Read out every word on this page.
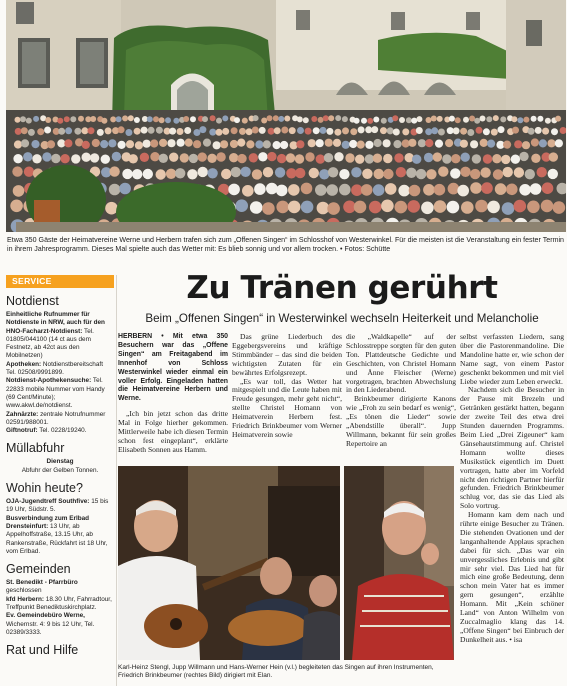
Etwa 350 Gäste der Heimatvereine Werne und Herbern trafen sich zum „Offenen Singen“ im Schlosshof von Westerwinkel. Für die meisten ist die Veranstaltung ein fester Termin in ihrem Jahresprogramm. Dieses Mal spielte auch das Wetter mit: Es blieb sonnig und vor allem trocken. • Fotos: Schütte
SERVICE
Notdienst
Einheitliche Rufnummer für Notdienste in NRW, auch für den HNO-Facharzt-Notdienst: Tel. 01805/044100 (14 ct aus dem Festnetz, ab 42ct aus den Mobilnetzen)
Apotheken: Notdienstbereitschaft Tel. 02508/9991899.
Notdienst-Apothekensuche: Tel. 22833 mobile Nummer vom Handy (69 Cent/Minute); www.akwl.de/notdienst.
Zahnärzte: zentrale Notrufnummer 02591/988001.
Giftnotruf: Tel. 0228/19240.
Müllabfuhr
Dienstag
Abfuhr der Gelben Tonnen.
Wohin heute?
OJA-Jugendtreff Southfive: 15 bis 19 Uhr, Südstr. 5.
Busverbindung zum Erlbad Drensteinfurt: 13 Uhr, ab Appelhoffstraße, 13.15 Uhr, ab Rankenstraße, Rückfahrt ist 18 Uhr, vom Erlbad.
Gemeinden
St. Benedikt - Pfarrbüro geschlossen
kfd Herbern: 18.30 Uhr, Fahrradtour, Treffpunkt Benediktuskirchplatz.
Ev. Gemeindebüro Werne, Wichernstr. 4: 9 bis 12 Uhr, Tel. 02389/3333.
Rat und Hilfe
Zu Tränen gerührt
Beim „Offenen Singen“ in Westerwinkel wechseln Heiterkeit und Melancholie

HERBERN • Mit etwa 350 Besuchern war das „Offene Singen“ am Freitagabend im Innenhof von Schloss Westerwinkel wieder einmal ein voller Erfolg. Eingeladen hatten die Heimatvereine Herbern und Werne.

„Ich bin jetzt schon das dritte Mal in Folge hierher gekommen. Mittlerweile habe ich diesen Termin schon fest eingeplant“, erklärte Elisabeth Sonnen aus Hamm.

Das grüne Liederbuch des Eggebergsvereins und kräftige Stimmbänder – das sind die beiden wichtigsten Zutaten für ein bewährtes Erfolgsrezept.

„Es war toll, das Wetter hat mitgespielt und die Leute haben mit Freude gesungen, mehr geht nicht“, stellte Christel Homann von Heimatverein Herbern fest. Friedrich Brinkbeumer vom Werner Heimatverein sowie

die „Waldkapelle“ auf der Schlosstreppe sorgten für den guten Ton. Plattdeutsche Gedichte und Geschichten, von Christel Homann und Änne Fleischer (Werne) vorgetragen, brachten Abwechslung in den Liederabend.

Brinkbeumer dirigierte Kanons wie „Froh zu sein bedarf es wenig“, „Es tönen die Lieder“ sowie „Abendstille überall“. Jupp Willmann, bekannt für sein großes Repertoire an

selbst verfassten Liedern, sang über die Pastorenmandoline. Die Mandoline hatte er, wie schon der Name sagt, von einem Pastor geschenkt bekommen und mit viel Liebe wieder zum Leben erweckt.

Nachdem sich die Besucher in der Pause mit Brezeln und Getränken gestärkt hatten, begann der zweite Teil des etwa drei Stunden dauernden Programms. Beim Lied „Drei Zigeuner“ kam Gänsehautstimmung auf. Christel Homann wollte dieses Musikstück eigentlich im Duett vortragen, hatte aber im Vorfeld nicht den richtigen Partner hierfür gefunden. Friedrich Brinkbeumer schlug vor, das sie das Lied als Solo vortrug.

Homann kam dem nach und rührte einige Besucher zu Tränen. Die stehenden Ovationen und der langanhaltende Applaus sprachen dabei für sich. „Das war ein unvergessliches Erlebnis und gibt mir sehr viel. Das Lied hat für mich eine große Bedeutung, denn schon mein Vater hat es immer gern gesungen“, erzählte Homann. Mit „Kein schöner Land“ von Anton Wilhelm von Zuccalmaglio klang das 14. „Offene Singen“ bei Einbruch der Dunkelheit aus. • isa

Karl-Heinz Stengl, Jupp Willmann und Hans-Werner Hein (v.l.) begleiteten das Singen auf ihren Instrumenten, Friedrich Brinkbeumer (rechtes Bild) dirigiert mit Elan.
